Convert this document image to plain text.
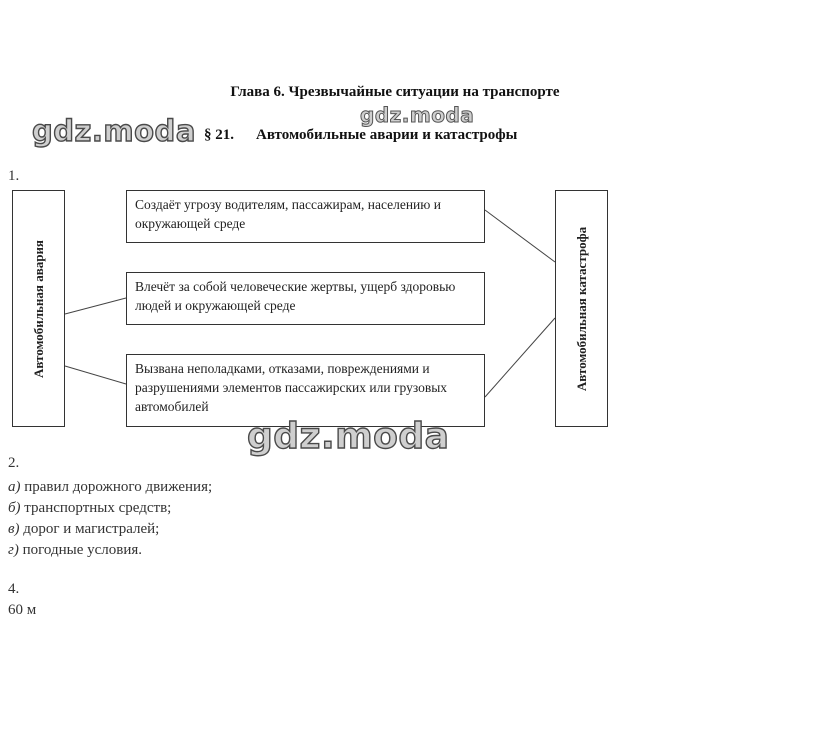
Глава 6. Чрезвычайные ситуации на транспорте
§ 21. Автомобильные аварии и катастрофы
gdz.moda	gdz.moda
1.
Автомобильная авария	Автомобильная катастрофа
Создаёт угрозу водителям, пассажирам, населению и окружающей среде
Влечёт за собой человеческие жертвы, ущерб здоровью людей и окружающей среде
Вызвана неполадками, отказами, повреждениями и разрушениями элементов пассажирских или грузовых автомобилей
gdz.moda
2.
а) правил дорожного движения;
б) транспортных средств;
в) дорог и магистралей;
г) погодные условия.
4.
60 м
